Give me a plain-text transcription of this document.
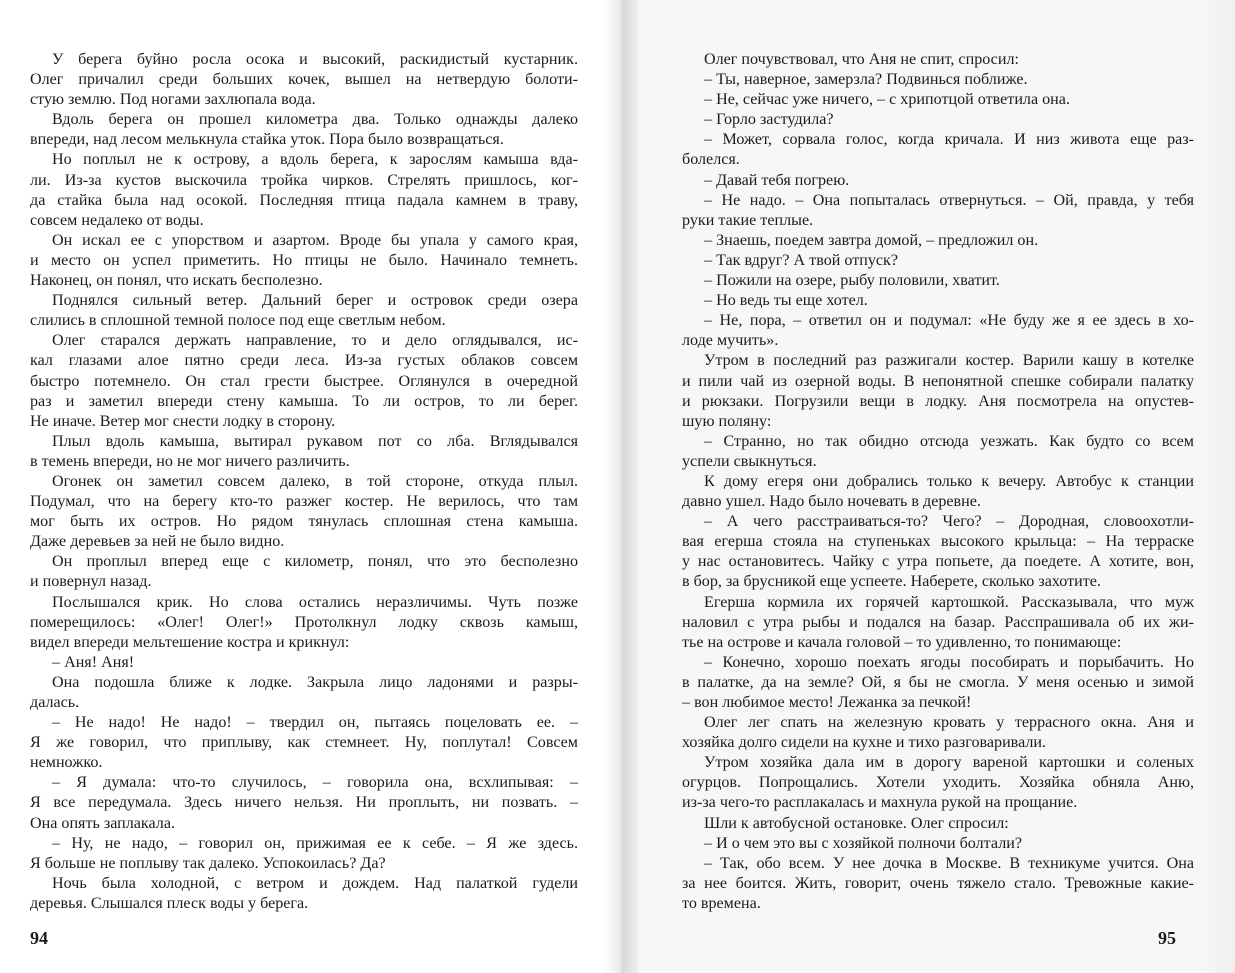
У берега буйно росла осока и высокий, раскидистый кустарник.
Олег причалил среди больших кочек, вышел на нетвердую болоти-
стую землю. Под ногами захлюпала вода.
Вдоль берега он прошел километра два. Только однажды далеко
впереди, над лесом мелькнула стайка уток. Пора было возвращаться.
Но поплыл не к острову, а вдоль берега, к зарослям камыша вда-
ли. Из-за кустов выскочила тройка чирков. Стрелять пришлось, ког-
да стайка была над осокой. Последняя птица падала камнем в траву,
совсем недалеко от воды.
Он искал ее с упорством и азартом. Вроде бы упала у самого края,
и место он успел приметить. Но птицы не было. Начинало темнеть.
Наконец, он понял, что искать бесполезно.
Поднялся сильный ветер. Дальний берег и островок среди озера
слились в сплошной темной полосе под еще светлым небом.
Олег старался держать направление, то и дело оглядывался, ис-
кал глазами алое пятно среди леса. Из-за густых облаков совсем
быстро потемнело. Он стал грести быстрее. Оглянулся в очередной
раз и заметил впереди стену камыша. То ли остров, то ли берег.
Не иначе. Ветер мог снести лодку в сторону.
Плыл вдоль камыша, вытирал рукавом пот со лба. Вглядывался
в темень впереди, но не мог ничего различить.
Огонек он заметил совсем далеко, в той стороне, откуда плыл.
Подумал, что на берегу кто-то разжег костер. Не верилось, что там
мог быть их остров. Но рядом тянулась сплошная стена камыша.
Даже деревьев за ней не было видно.
Он проплыл вперед еще с километр, понял, что это бесполезно
и повернул назад.
Послышался крик. Но слова остались неразличимы. Чуть позже
померещилось: «Олег! Олег!» Протолкнул лодку сквозь камыш,
видел впереди мельтешение костра и крикнул:
– Аня! Аня!
Она подошла ближе к лодке. Закрыла лицо ладонями и разры-
далась.
– Не надо! Не надо! – твердил он, пытаясь поцеловать ее. –
Я же говорил, что приплыву, как стемнеет. Ну, поплутал! Совсем
немножко.
– Я думала: что-то случилось, – говорила она, всхлипывая: –
Я все передумала. Здесь ничего нельзя. Ни проплыть, ни позвать. –
Она опять заплакала.
– Ну, не надо, – говорил он, прижимая ее к себе. – Я же здесь.
Я больше не поплыву так далеко. Успокоилась? Да?
Ночь была холодной, с ветром и дождем. Над палаткой гудели
деревья. Слышался плеск воды у берега.
94
Олег почувствовал, что Аня не спит, спросил:
– Ты, наверное, замерзла? Подвинься поближе.
– Не, сейчас уже ничего, – с хрипотцой ответила она.
– Горло застудила?
– Может, сорвала голос, когда кричала. И низ живота еще раз-
болелся.
– Давай тебя погрею.
– Не надо. – Она попыталась отвернуться. – Ой, правда, у тебя
руки такие теплые.
– Знаешь, поедем завтра домой, – предложил он.
– Так вдруг? А твой отпуск?
– Пожили на озере, рыбу половили, хватит.
– Но ведь ты еще хотел.
– Не, пора, – ответил он и подумал: «Не буду же я ее здесь в хо-
лоде мучить».
Утром в последний раз разжигали костер. Варили кашу в котелке
и пили чай из озерной воды. В непонятной спешке собирали палатку
и рюкзаки. Погрузили вещи в лодку. Аня посмотрела на опустев-
шую поляну:
– Странно, но так обидно отсюда уезжать. Как будто со всем
успели свыкнуться.
К дому егеря они добрались только к вечеру. Автобус к станции
давно ушел. Надо было ночевать в деревне.
– А чего расстраиваться-то? Чего? – Дородная, словоохотли-
вая егерша стояла на ступеньках высокого крыльца: – На терраске
у нас остановитесь. Чайку с утра попьете, да поедете. А хотите, вон,
в бор, за брусникой еще успеете. Наберете, сколько захотите.
Егерша кормила их горячей картошкой. Рассказывала, что муж
наловил с утра рыбы и подался на базар. Расспрашивала об их жи-
тье на острове и качала головой – то удивленно, то понимающе:
– Конечно, хорошо поехать ягоды пособирать и порыбачить. Но
в палатке, да на земле? Ой, я бы не смогла. У меня осенью и зимой
– вон любимое место! Лежанка за печкой!
Олег лег спать на железную кровать у террасного окна. Аня и
хозяйка долго сидели на кухне и тихо разговаривали.
Утром хозяйка дала им в дорогу вареной картошки и соленых
огурцов. Попрощались. Хотели уходить. Хозяйка обняла Аню,
из-за чего-то расплакалась и махнула рукой на прощание.
Шли к автобусной остановке. Олег спросил:
– И о чем это вы с хозяйкой полночи болтали?
– Так, обо всем. У нее дочка в Москве. В техникуме учится. Она
за нее боится. Жить, говорит, очень тяжело стало. Тревожные какие-
то времена.
95
